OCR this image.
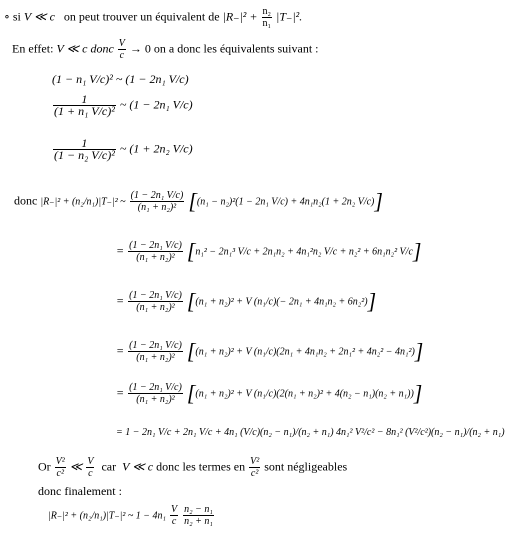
∘ si V ≪ c on peut trouver un équivalent de $|R_-|^2 + \frac{\text{n₂}}{\text{n₁}} |T_-|^2$.
En effet: V ≪ c donc $\frac{V}{c} \to 0$ on a donc les équivalents suivant :
(1 − n₁ V/c)² ~ (1 − 2n₁ V/c)
$\frac{1}{\text{(1 + n₁ V/c)²}}$ ~ (1 − 2n₁ V/c)
$\frac{1}{\text{(1 − n₂ V/c)²}}$ ~ (1 + 2n₂ V/c)
donc |R₋|² + (n₂/n₁)|T₋|² ~ $\frac{\text{(1 − 2n₁ V/c)}}{\text{(n₁ + n₂)²}} [(n_1 - n_2)^2(1 - 2n_1$ V/c) + 4n₁n₂(1 + 2n₂ V/c)]
= $\frac{\text{(1 − 2n₁ V/c)}}{\text{(n₁ + n₂)²}} [n_1^2 - 2n_1^3$ V/c + 2n₁n₂ + 4n₁²n₂ V/c + n₂² + 6n₁n₂² V/c]
= $\frac{\text{(1 − 2n₁ V/c)}}{\text{(n₁ + n₂)²}} [(n_1 + n_2)^2 + V$ (n₁/c)(− 2n₁ + 4n₁n₂ + 6n₂²)]
= $\frac{\text{(1 − 2n₁ V/c)}}{\text{(n₁ + n₂)²}} [(n_1 + n_2)^2 + V$ (n₁/c)(2n₁ + 4n₁n₂ + 2n₁² + 4n₂² − 4n₁²)]
= $\frac{\text{(1 − 2n₁ V/c)}}{\text{(n₁ + n₂)²}} [(n_1 + n_2)^2 + V$ (n₁/c)(2(n₁ + n₂)² + 4(n₂ − n₁)(n₂ + n₁))]
= 1 − 2n₁ V/c + 2n₁ V/c + 4n₁ (V/c)(n₂ − n₁)/(n₂ + n₁) 4n₁² V²/c² − 8n₁² (V²/c²)(n₂ − n₁)/(n₂ + n₁)
Or $\frac{\text{V²}}{\text{c²}}$ ≪ $\frac{V}{c}$ car V ≪ c donc les termes en $\frac{\text{V²}}{\text{c²}}$ sont négligeables
donc finalement :
|R₋|² + (n₂/n₁)|T₋|² ~ $1 - 4n_1 \frac{V}{c}$
$\frac{\text{n₂ − n₁}}{\text{n₂ + n₁}}$
